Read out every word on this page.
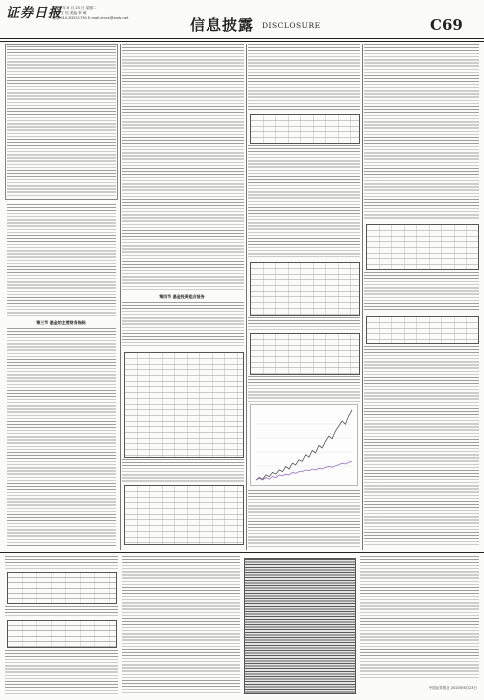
证券日报
2020 年 6 月 23 日 星期二
编辑 王 钰 美编 李 萌
电话:010-83251730 E-mail:zmzx@zqrb.net	信息披露 DISCLOSURE	C69
第三节 基金的主要财务指标
第四节 基金投资组合报告
中国证券报社 2020年6月23日
